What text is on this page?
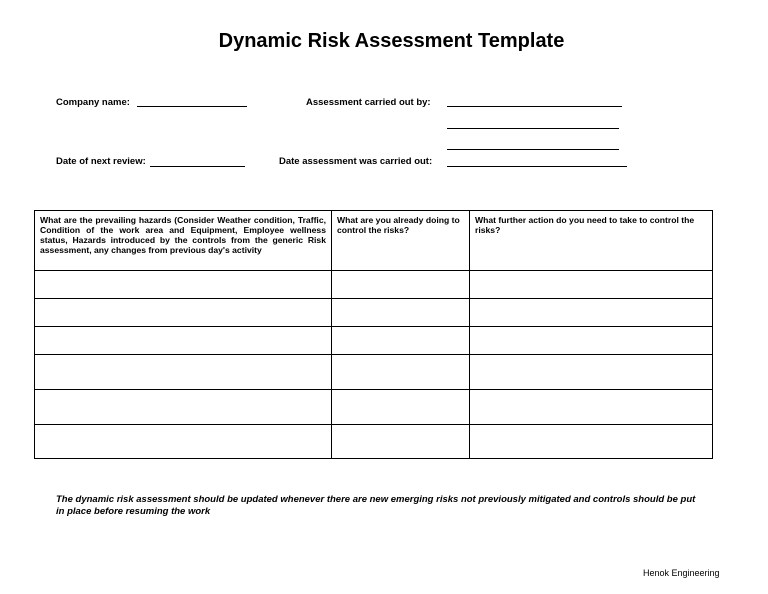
Dynamic Risk Assessment Template
Company name:	Assessment carried out by:
Date of next review:	Date assessment was carried out:
What are the prevailing hazards (Consider Weather condition, Traffic, Condition of the work area and Equipment, Employee wellness status, Hazards introduced by the controls from the generic Risk assessment, any changes from previous day's activity	What are you already doing to control the risks?	What further action do you need to take to control the risks?

The dynamic risk assessment should be updated whenever there are new emerging risks not previously mitigated and controls should be put in place before resuming the work
Henok Engineering
